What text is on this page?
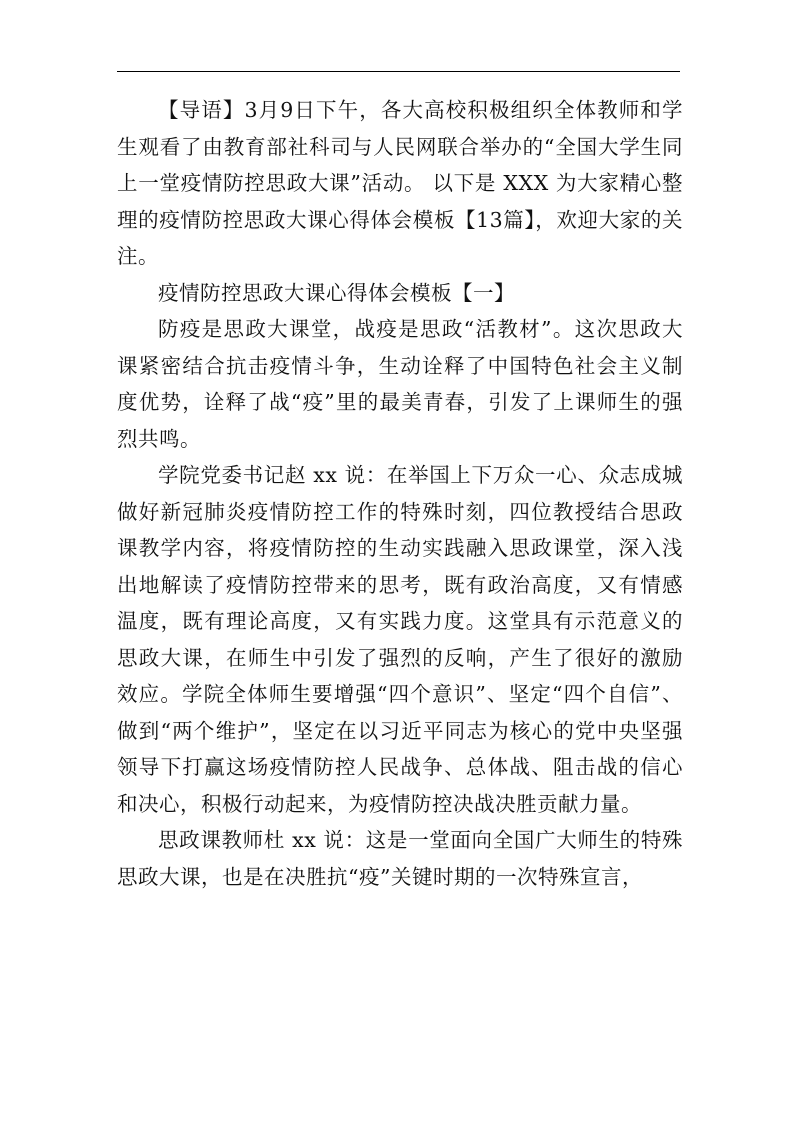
【导语】3月9日下午，各大高校积极组织全体教师和学生观看了由教育部社科司与人民网联合举办的“全国大学生同上一堂疫情防控思政大课”活动。 以下是 XXX 为大家精心整理的疫情防控思政大课心得体会模板【13篇】，欢迎大家的关注。

疫情防控思政大课心得体会模板【一】

防疫是思政大课堂，战疫是思政“活教材”。这次思政大课紧密结合抗击疫情斗争，生动诠释了中国特色社会主义制度优势，诠释了战“疫”里的最美青春，引发了上课师生的强烈共鸣。

学院党委书记赵 xx 说：在举国上下万众一心、众志成城做好新冠肺炎疫情防控工作的特殊时刻，四位教授结合思政课教学内容，将疫情防控的生动实践融入思政课堂，深入浅出地解读了疫情防控带来的思考，既有政治高度，又有情感温度，既有理论高度，又有实践力度。这堂具有示范意义的思政大课，在师生中引发了强烈的反响，产生了很好的激励效应。学院全体师生要增强“四个意识”、坚定“四个自信”、做到“两个维护”，坚定在以习近平同志为核心的党中央坚强领导下打赢这场疫情防控人民战争、总体战、阻击战的信心和决心，积极行动起来，为疫情防控决战决胜贡献力量。

思政课教师杜 xx 说：这是一堂面向全国广大师生的特殊思政大课，也是在决胜抗“疫”关键时期的一次特殊宣言，
